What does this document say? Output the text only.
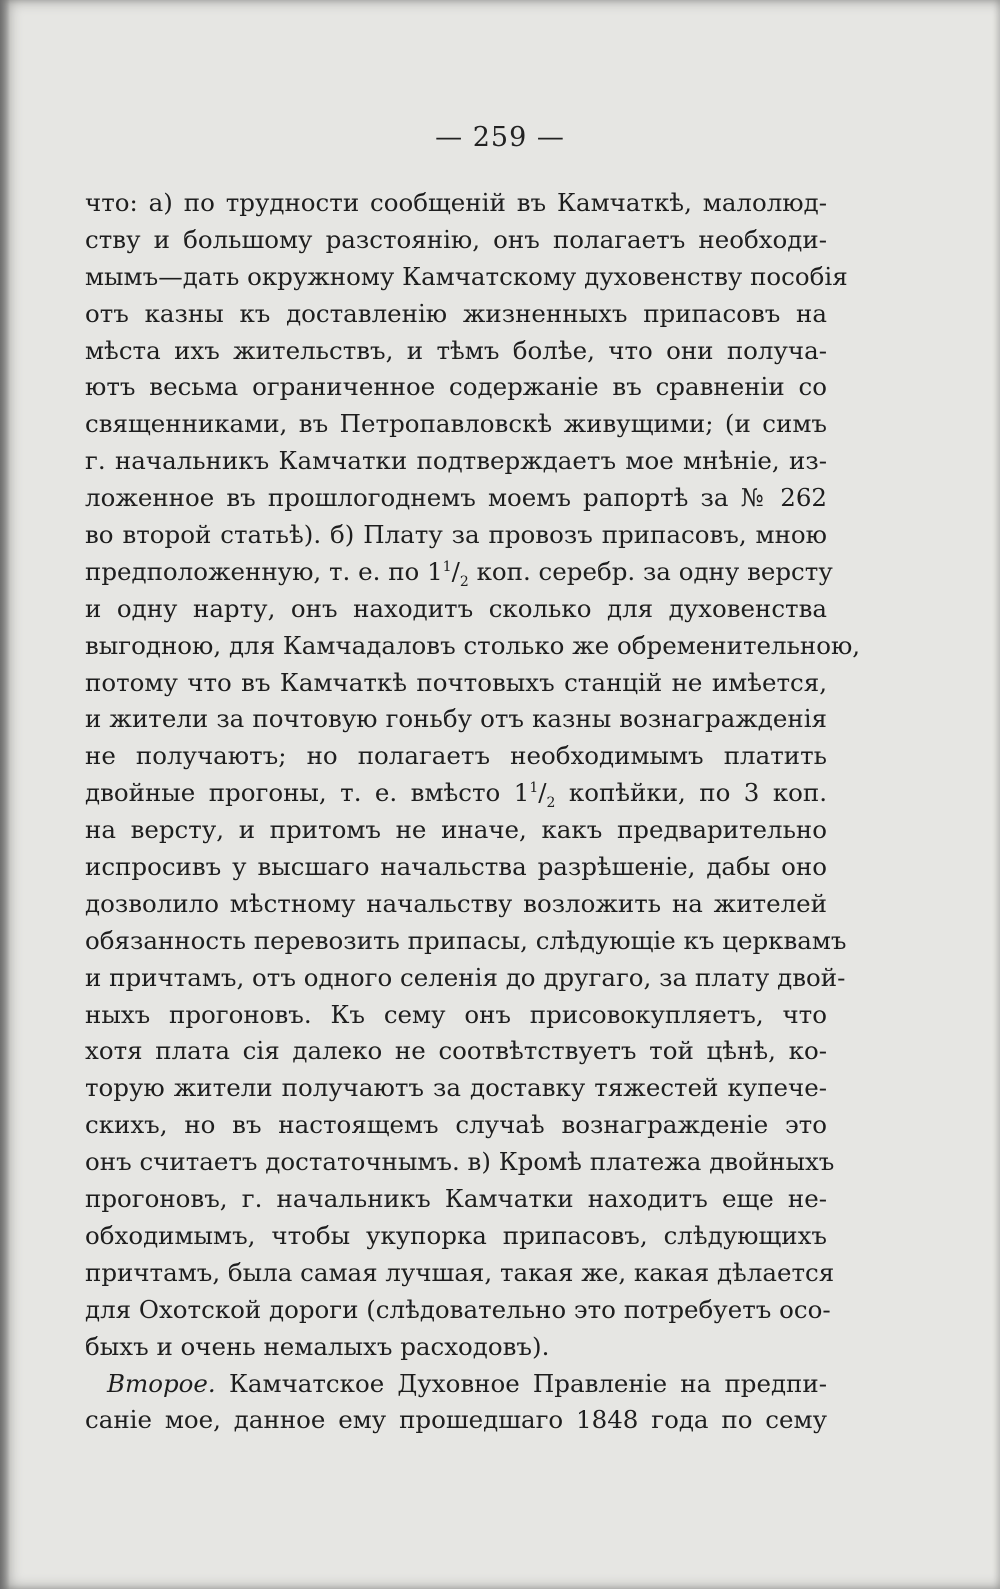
— 259 —
что: а) по трудности сообщеній въ Камчаткѣ, малолюд-
ству и большому разстоянію, онъ полагаетъ необходи-
мымъ—дать окружному Камчатскому духовенству пособія
отъ казны къ доставленію жизненныхъ припасовъ на
мѣста ихъ жительствъ, и тѣмъ болѣе, что они получа-
ютъ весьма ограниченное содержаніе въ сравненіи со
священниками, въ Петропавловскѣ живущими; (и симъ
г. начальникъ Камчатки подтверждаетъ мое мнѣніе, из-
ложенное въ прошлогоднемъ моемъ рапортѣ за № 262
во второй статьѣ). б) Плату за провозъ припасовъ, мною
предположенную, т. е. по $1^1/_2$ коп. серебр. за одну версту
и одну нарту, онъ находитъ сколько для духовенства
выгодною, для Камчадаловъ столько же обременительною,
потому что въ Камчаткѣ почтовыхъ станцій не имѣется,
и жители за почтовую гоньбу отъ казны вознагражденія
не получаютъ; но полагаетъ необходимымъ платить
двойные прогоны, т. е. вмѣсто $1^1/_2$ копѣйки, по 3 коп.
на версту, и притомъ не иначе, какъ предварительно
испросивъ у высшаго начальства разрѣшеніе, дабы оно
дозволило мѣстному начальству возложить на жителей
обязанность перевозить припасы, слѣдующіе къ церквамъ
и причтамъ, отъ одного селенія до другаго, за плату двой-
ныхъ прогоновъ. Къ сему онъ присовокупляетъ, что
хотя плата сія далеко не соотвѣтствуетъ той цѣнѣ, ко-
торую жители получаютъ за доставку тяжестей купече-
скихъ, но въ настоящемъ случаѣ вознагражденіе это
онъ считаетъ достаточнымъ. в) Кромѣ платежа двойныхъ
прогоновъ, г. начальникъ Камчатки находитъ еще не-
обходимымъ, чтобы укупорка припасовъ, слѣдующихъ
причтамъ, была самая лучшая, такая же, какая дѣлается
для Охотской дороги (слѣдовательно это потребуетъ осо-
быхъ и очень немалыхъ расходовъ).
Второе. Камчатское Духовное Правленіе на предпи-
саніе мое, данное ему прошедшаго 1848 года по сему
